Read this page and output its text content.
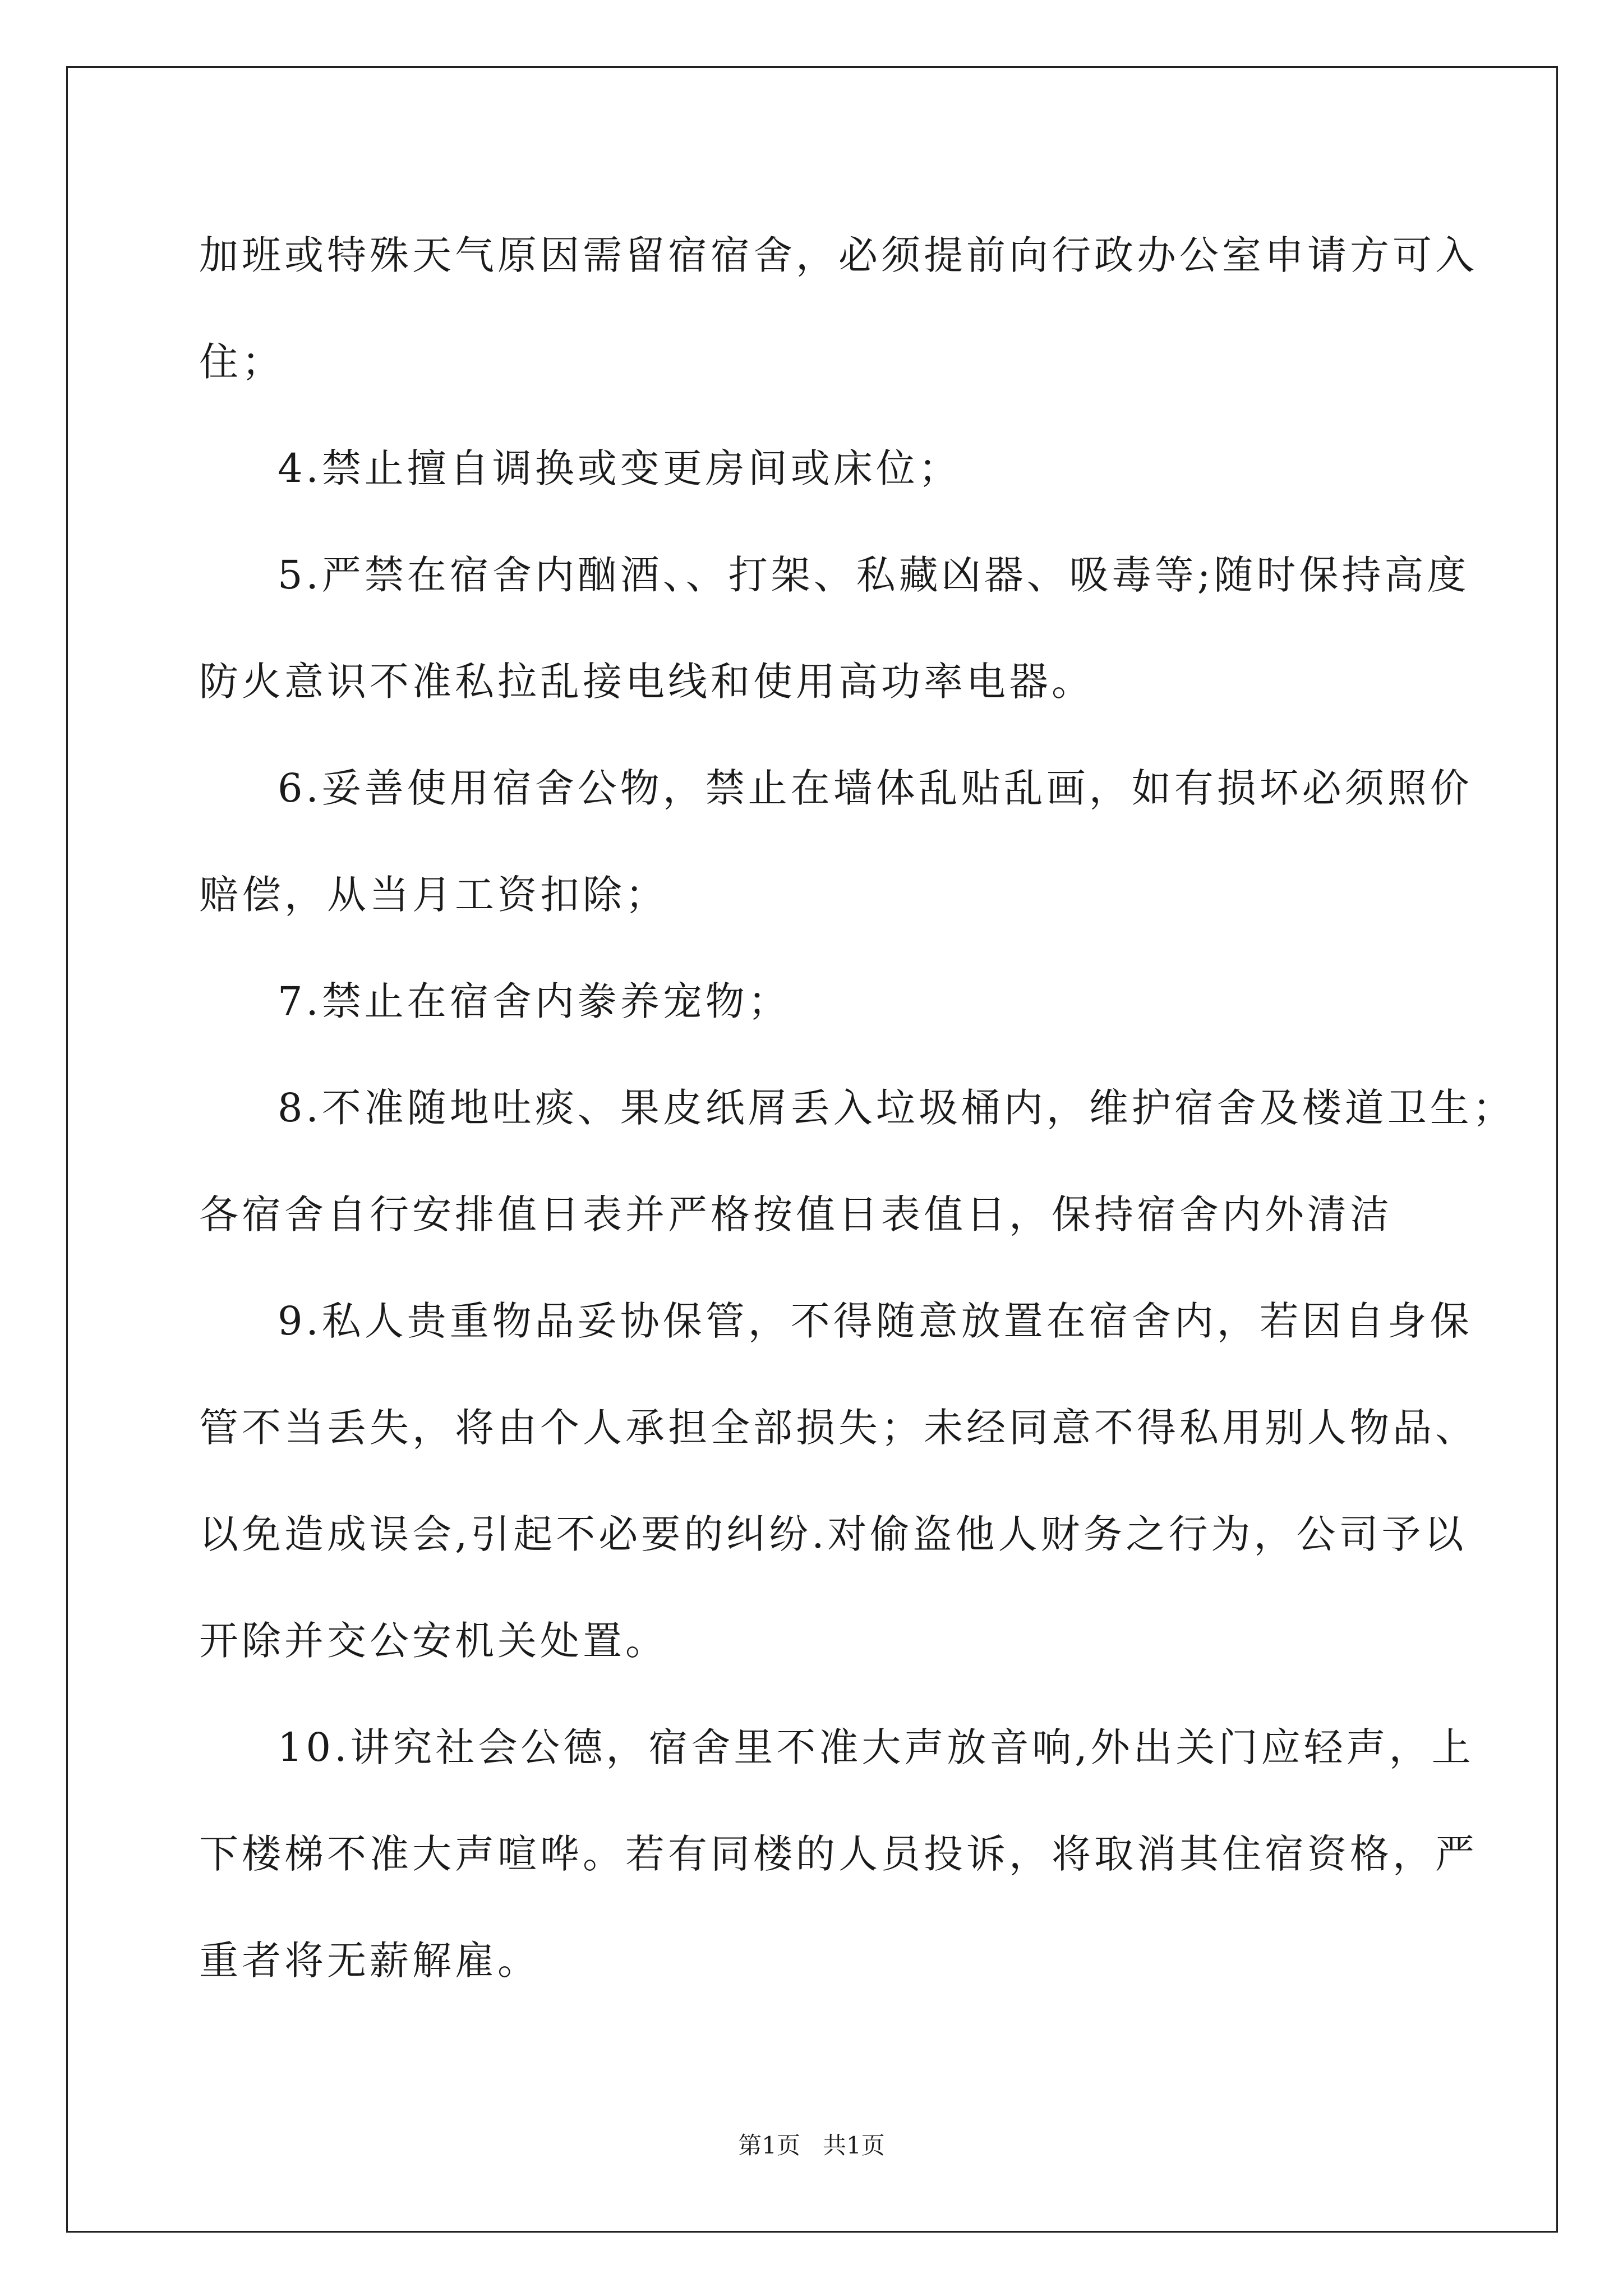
加班或特殊天气原因需留宿宿舍，必须提前向行政办公室申请方可入
住；
4.禁止擅自调换或变更房间或床位；
5.严禁在宿舍内酗酒、、打架、私藏凶器、吸毒等;随时保持高度
防火意识不准私拉乱接电线和使用高功率电器。
6.妥善使用宿舍公物，禁止在墙体乱贴乱画，如有损坏必须照价
赔偿，从当月工资扣除；
7.禁止在宿舍内豢养宠物；
8.不准随地吐痰、果皮纸屑丢入垃圾桶内，维护宿舍及楼道卫生；
各宿舍自行安排值日表并严格按值日表值日，保持宿舍内外清洁
9.私人贵重物品妥协保管，不得随意放置在宿舍内，若因自身保
管不当丢失，将由个人承担全部损失；未经同意不得私用别人物品、
以免造成误会,引起不必要的纠纷.对偷盗他人财务之行为，公司予以
开除并交公安机关处置。
10.讲究社会公德，宿舍里不准大声放音响,外出关门应轻声，上
下楼梯不准大声喧哗。若有同楼的人员投诉，将取消其住宿资格，严
重者将无薪解雇。
第1页   共1页
